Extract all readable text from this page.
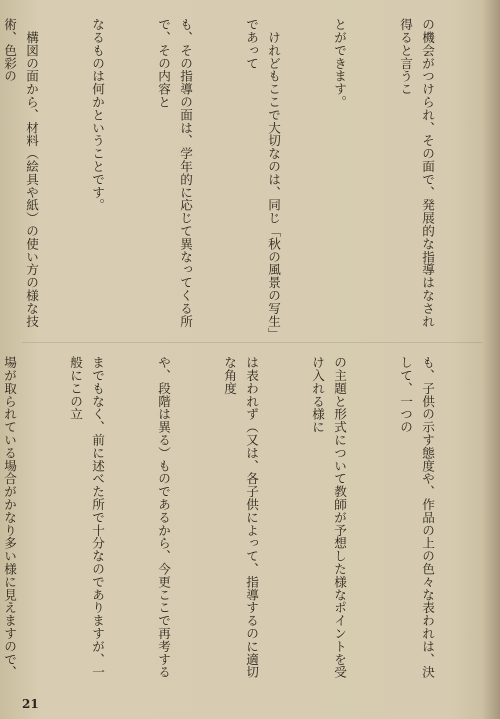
の機会がつけられ、その面で、発展的な指導はなされ得ると言うこ

とができます。

　けれどもここで大切なのは、同じ「秋の風景の写生」であって

も、その指導の面は、学年的に応じて異なってくる所で、その内容と

なるものは何かということです。

　構図の面から、材料（絵具や紙）の使い方の様な技術、色彩の

も、子供の示す態度や、作品の上の色々な表われは、決して、一つの

の主題と形式について教師が予想した様なポイントを受け入れる様に

は表われず（又は、各子供によって、指導するのに適切な角度

や、段階は異る）ものであるから、今更ここで再考する

までもなく、前に述べた所で十分なのでありますが、一般にこの立

場が取られている場合がかなり多い様に見えますので、

21
